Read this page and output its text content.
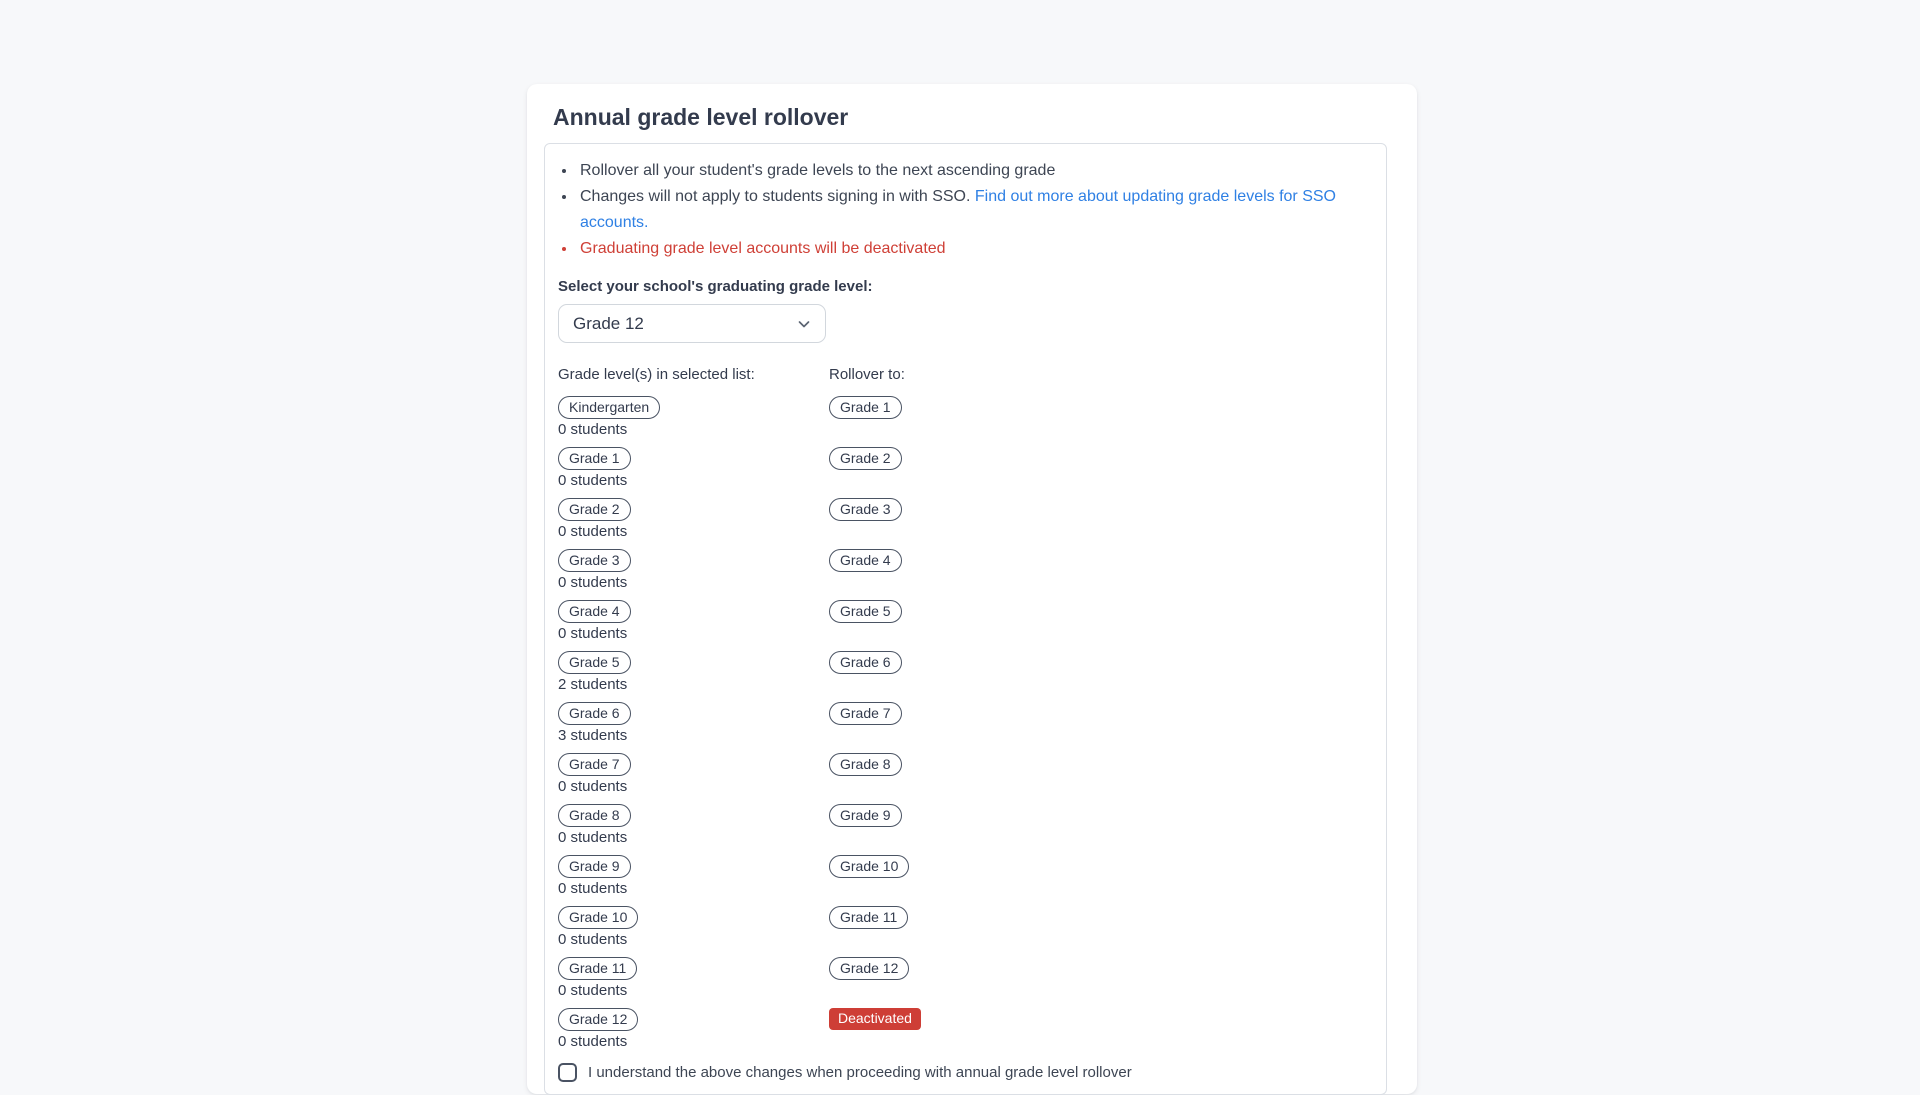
Annual grade level rollover
• Rollover all your student's grade levels to the next ascending grade
• Changes will not apply to students signing in with SSO. Find out more about updating grade levels for SSO accounts.
• Graduating grade level accounts will be deactivated
Select your school's graduating grade level:
Grade 12
Grade level(s) in selected list:	Rollover to:
Kindergarten
0 students
Grade 1
Grade 1
0 students
Grade 2
Grade 2
0 students
Grade 3
Grade 3
0 students
Grade 4
Grade 4
0 students
Grade 5
Grade 5
2 students
Grade 6
Grade 6
3 students
Grade 7
Grade 7
0 students
Grade 8
Grade 8
0 students
Grade 9
Grade 9
0 students
Grade 10
Grade 10
0 students
Grade 11
Grade 11
0 students
Grade 12
Grade 12
0 students
Deactivated
I understand the above changes when proceeding with annual grade level rollover
